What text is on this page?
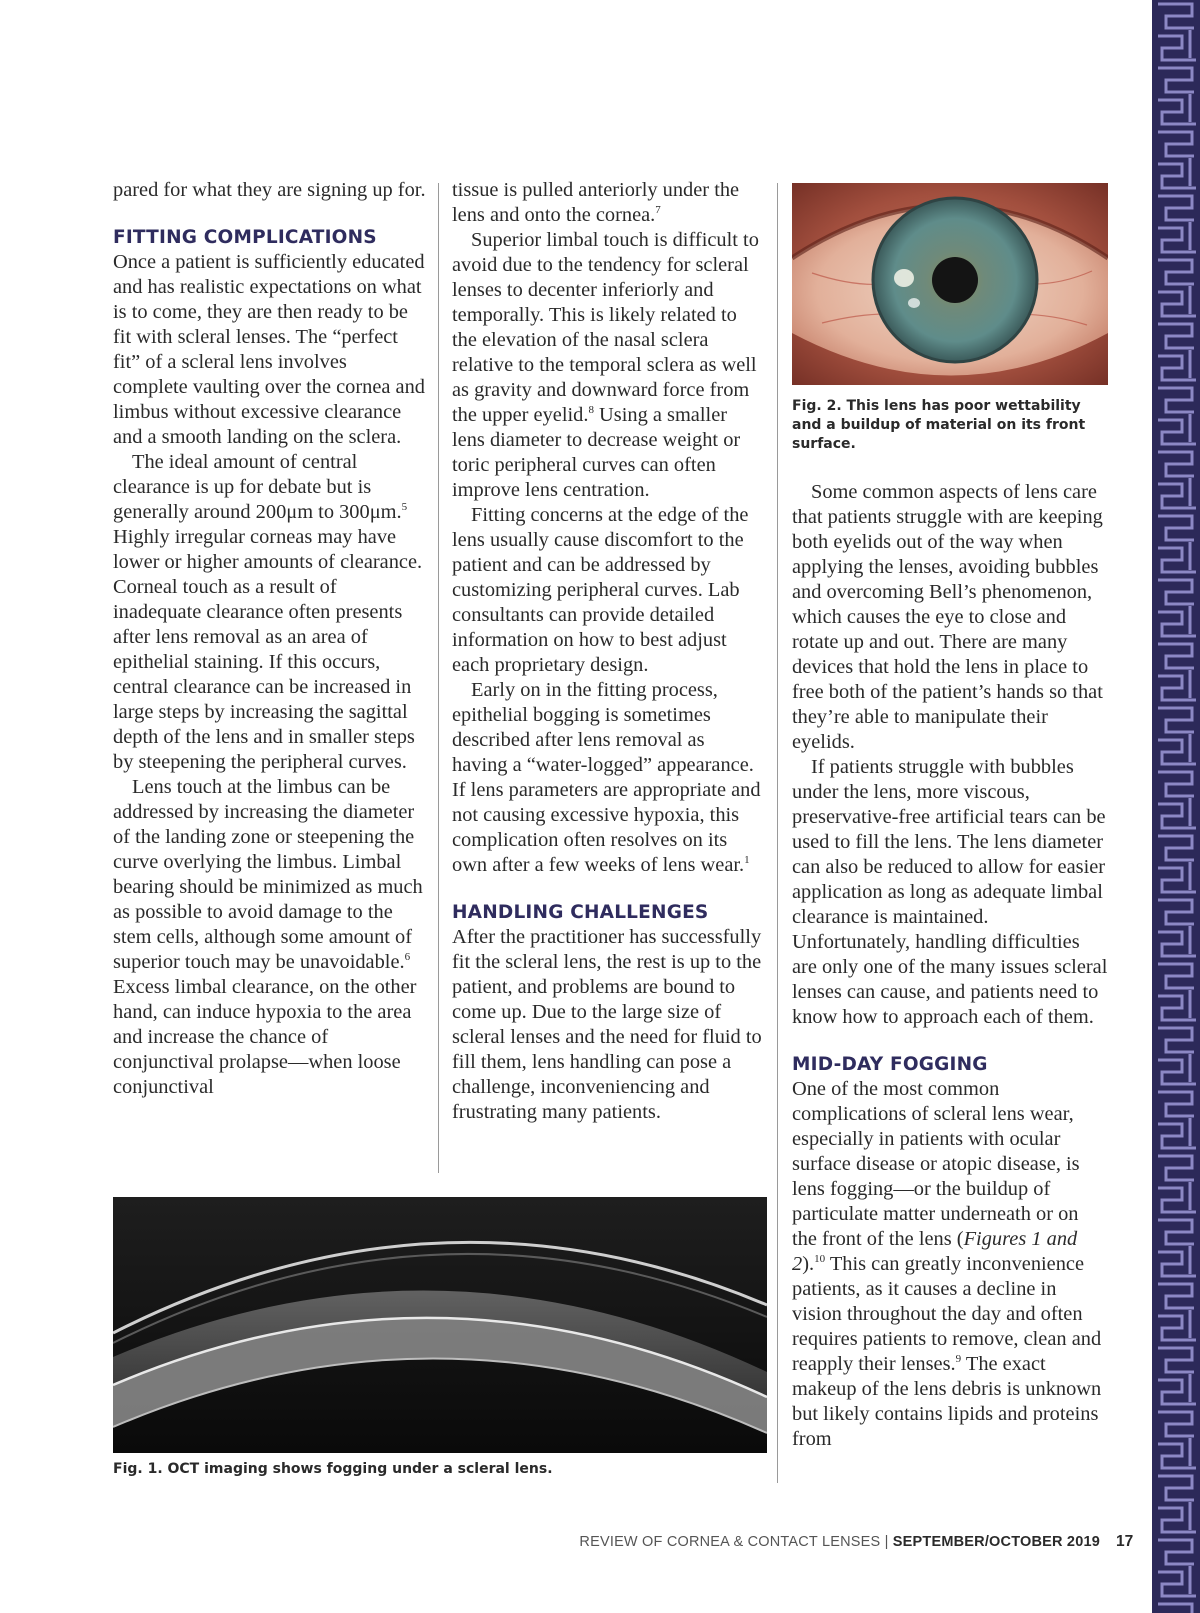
pared for what they are signing up for.

FITTING COMPLICATIONS

Once a patient is sufficiently educated and has realistic expectations on what is to come, they are then ready to be fit with scleral lenses. The “perfect fit” of a scleral lens involves complete vaulting over the cornea and limbus without excessive clearance and a smooth landing on the sclera.

The ideal amount of central clearance is up for debate but is generally around 200μm to 300μm.$^5$ Highly irregular corneas may have lower or higher amounts of clearance. Corneal touch as a result of inadequate clearance often presents after lens removal as an area of epithelial staining. If this occurs, central clearance can be increased in large steps by increasing the sagittal depth of the lens and in smaller steps by steepening the peripheral curves.

Lens touch at the limbus can be addressed by increasing the diameter of the landing zone or steepening the curve overlying the limbus. Limbal bearing should be minimized as much as possible to avoid damage to the stem cells, although some amount of superior touch may be unavoidable.$^6$ Excess limbal clearance, on the other hand, can induce hypoxia to the area and increase the chance of conjunctival prolapse—when loose conjunctival

tissue is pulled anteriorly under the lens and onto the cornea.$^7$

Superior limbal touch is difficult to avoid due to the tendency for scleral lenses to decenter inferiorly and temporally. This is likely related to the elevation of the nasal sclera relative to the temporal sclera as well as gravity and downward force from the upper eyelid.$^8$ Using a smaller lens diameter to decrease weight or toric peripheral curves can often improve lens centration.

Fitting concerns at the edge of the lens usually cause discomfort to the patient and can be addressed by customizing peripheral curves. Lab consultants can provide detailed information on how to best adjust each proprietary design.

Early on in the fitting process, epithelial bogging is sometimes described after lens removal as having a “water-logged” appearance. If lens parameters are appropriate and not causing excessive hypoxia, this complication often resolves on its own after a few weeks of lens wear.$^1$

HANDLING CHALLENGES

After the practitioner has successfully fit the scleral lens, the rest is up to the patient, and problems are bound to come up. Due to the large size of scleral lenses and the need for fluid to fill them, lens handling can pose a challenge, inconveniencing and frustrating many patients.

Fig. 2. This lens has poor wettability and a buildup of material on its front surface.

Some common aspects of lens care that patients struggle with are keeping both eyelids out of the way when applying the lenses, avoiding bubbles and overcoming Bell’s phenomenon, which causes the eye to close and rotate up and out. There are many devices that hold the lens in place to free both of the patient’s hands so that they’re able to manipulate their eyelids.

If patients struggle with bubbles under the lens, more viscous, preservative-free artificial tears can be used to fill the lens. The lens diameter can also be reduced to allow for easier application as long as adequate limbal clearance is maintained. Unfortunately, handling difficulties are only one of the many issues scleral lenses can cause, and patients need to know how to approach each of them.

MID-DAY FOGGING

One of the most common complications of scleral lens wear, especially in patients with ocular surface disease or atopic disease, is lens fogging—or the buildup of particulate matter underneath or on the front of the lens (Figures 1 and 2).$^{10}$ This can greatly inconvenience patients, as it causes a decline in vision throughout the day and often requires patients to remove, clean and reapply their lenses.$^9$ The exact makeup of the lens debris is unknown but likely contains lipids and proteins from

Fig. 1. OCT imaging shows fogging under a scleral lens.
REVIEW OF CORNEA & CONTACT LENSES | SEPTEMBER/OCTOBER 2019 17
